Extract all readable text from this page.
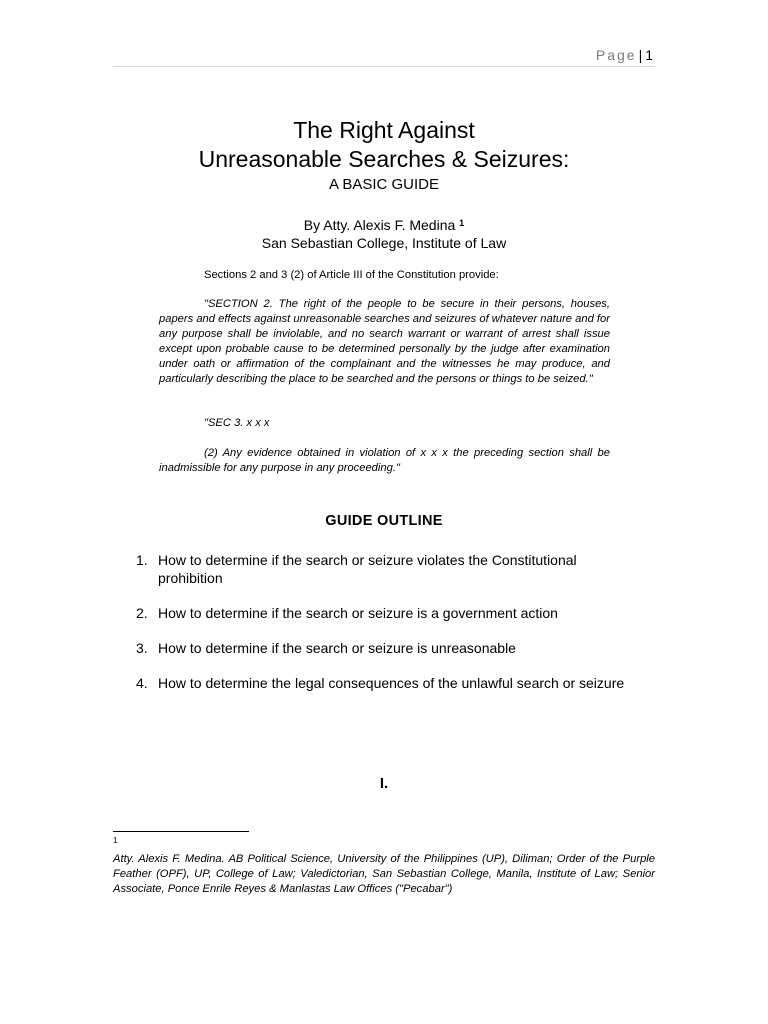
Page | 1
The Right Against
Unreasonable Searches & Seizures:
A BASIC GUIDE
By Atty. Alexis F. Medina $^1$
San Sebastian College, Institute of Law
Sections 2 and 3 (2) of Article III of the Constitution provide:

"SECTION 2. The right of the people to be secure in their persons, houses, papers and effects against unreasonable searches and seizures of whatever nature and for any purpose shall be inviolable, and no search warrant or warrant of arrest shall issue except upon probable cause to be determined personally by the judge after examination under oath or affirmation of the complainant and the witnesses he may produce, and particularly describing the place to be searched and the persons or things to be seized."

"SEC 3. x x x

(2) Any evidence obtained in violation of x x x the preceding section shall be inadmissible for any purpose in any proceeding."

GUIDE OUTLINE
1. How to determine if the search or seizure violates the Constitutional prohibition
2. How to determine if the search or seizure is a government action
3. How to determine if the search or seizure is unreasonable
4. How to determine the legal consequences of the unlawful search or seizure
I.
1

Atty. Alexis F. Medina. AB Political Science, University of the Philippines (UP), Diliman; Order of the Purple Feather (OPF), UP, College of Law; Valedictorian, San Sebastian College, Manila, Institute of Law; Senior Associate, Ponce Enrile Reyes & Manlastas Law Offices ("Pecabar")
